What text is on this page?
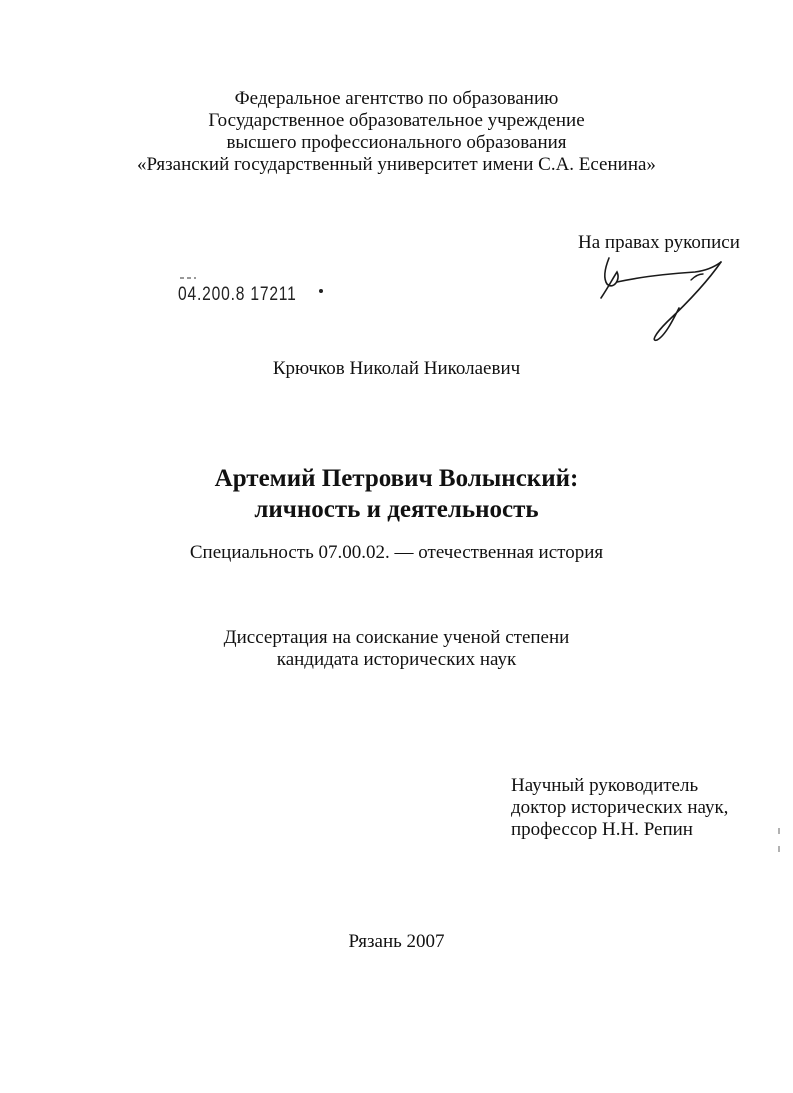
Федеральное агентство по образованию
Государственное образовательное учреждение
высшего профессионального образования
«Рязанский государственный университет имени С.А. Есенина»
На правах рукописи
04.200.8 17211
Крючков Николай Николаевич
Артемий Петрович Волынский:
личность и деятельность
Специальность 07.00.02. — отечественная история
Диссертация на соискание ученой степени
кандидата исторических наук
Научный руководитель
доктор исторических наук,
профессор Н.Н. Репин
Рязань 2007
